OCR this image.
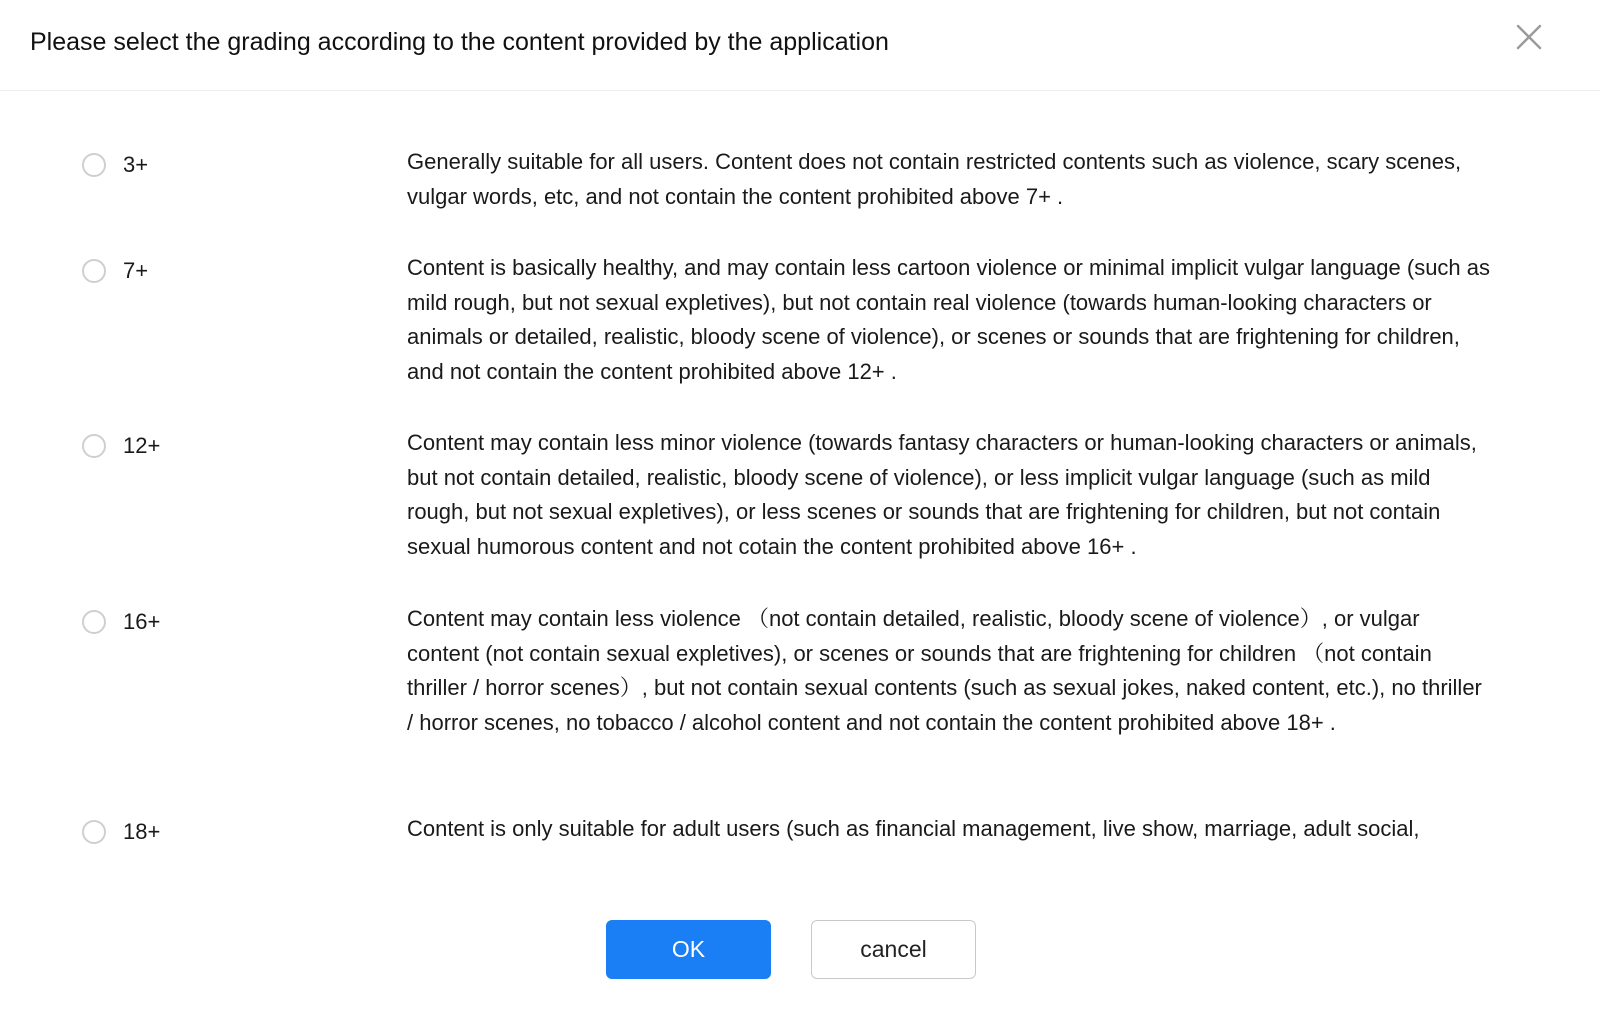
Please select the grading according to the content provided by the application
3+	Generally suitable for all users. Content does not contain restricted contents such as violence, scary scenes, vulgar words, etc, and not contain the content prohibited above 7+ .
7+	Content is basically healthy, and may contain less cartoon violence or minimal implicit vulgar language (such as mild rough, but not sexual expletives), but not contain real violence (towards human-looking characters or animals or detailed, realistic, bloody scene of violence), or scenes or sounds that are frightening for children, and not contain the content prohibited above 12+ .
12+	Content may contain less minor violence (towards fantasy characters or human-looking characters or animals, but not contain detailed, realistic, bloody scene of violence), or less implicit vulgar language (such as mild rough, but not sexual expletives), or less scenes or sounds that are frightening for children, but not contain sexual humorous content and not cotain the content prohibited above 16+ .
16+	Content may contain less violence （not contain detailed, realistic, bloody scene of violence）, or vulgar content (not contain sexual expletives), or scenes or sounds that are frightening for children （not contain thriller / horror scenes）, but not contain sexual contents (such as sexual jokes, naked content, etc.), no thriller / horror scenes, no tobacco / alcohol content and not contain the content prohibited above 18+ .
18+	Content is only suitable for adult users (such as financial management, live show, marriage, adult social,
OK	cancel
